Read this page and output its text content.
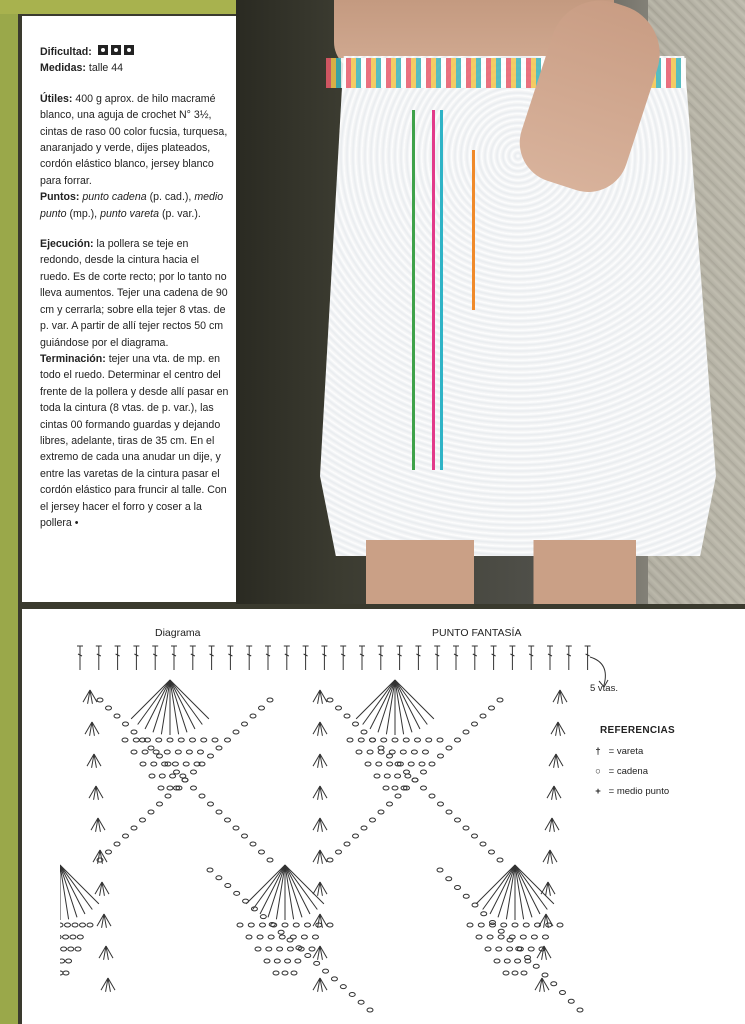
Dificultad:
Medidas: talle 44

Útiles: 400 g aprox. de hilo macramé blanco, una aguja de crochet N° 3½, cintas de raso 00 color fucsia, turquesa, anaranjado y verde, dijes plateados, cordón elástico blanco, jersey blanco para forrar.
Puntos: punto cadena (p. cad.), medio punto (mp.), punto vareta (p. var.).

Ejecución: la pollera se teje en redondo, desde la cintura hacia el ruedo. Es de corte recto; por lo tanto no lleva aumentos. Tejer una cadena de 90 cm y cerrarla; sobre ella tejer 8 vtas. de p. var. A partir de allí tejer rectos 50 cm guiándose por el diagrama.
Terminación: tejer una vta. de mp. en todo el ruedo. Determinar el centro del frente de la pollera y desde allí pasar en toda la cintura (8 vtas. de p. var.), las cintas 00 formando guardas y dejando libres, adelante, tiras de 35 cm. En el extremo de cada una anudar un dije, y entre las varetas de la cintura pasar el cordón elástico para fruncir al talle. Con el jersey hacer el forro y coser a la pollera •

Diagrama	PUNTO FANTASÍA
5 vtas.
REFERENCIAS
† = vareta
○ = cadena
+ = medio punto
